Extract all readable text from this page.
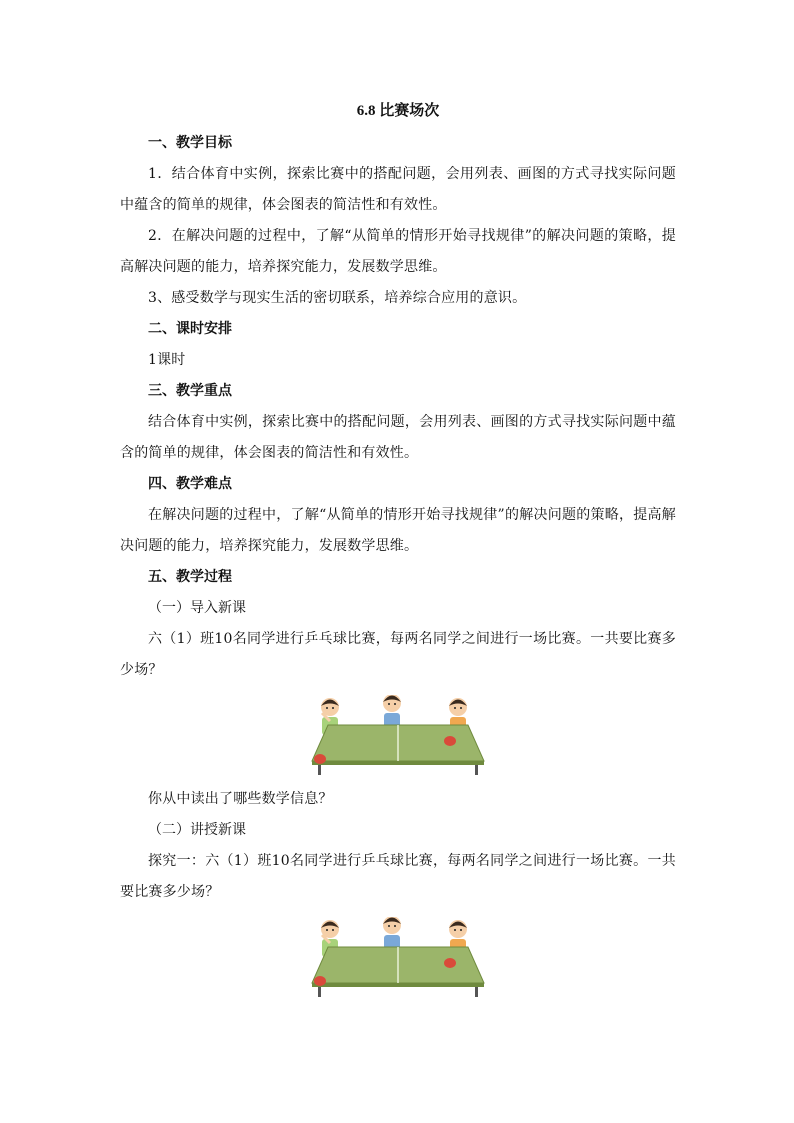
6.8 比赛场次
一、教学目标
1．结合体育中实例，探索比赛中的搭配问题，会用列表、画图的方式寻找实际问题中蕴含的简单的规律，体会图表的简洁性和有效性。
2．在解决问题的过程中，了解“从简单的情形开始寻找规律”的解决问题的策略，提高解决问题的能力，培养探究能力，发展数学思维。
3、感受数学与现实生活的密切联系，培养综合应用的意识。
二、课时安排
1课时
三、教学重点
结合体育中实例，探索比赛中的搭配问题，会用列表、画图的方式寻找实际问题中蕴含的简单的规律，体会图表的简洁性和有效性。
四、教学难点
在解决问题的过程中，了解“从简单的情形开始寻找规律”的解决问题的策略，提高解决问题的能力，培养探究能力，发展数学思维。
五、教学过程
（一）导入新课
六（1）班10名同学进行乒乓球比赛，每两名同学之间进行一场比赛。一共要比赛多少场？
你从中读出了哪些数学信息？
（二）讲授新课
探究一：六（1）班10名同学进行乒乓球比赛，每两名同学之间进行一场比赛。一共要比赛多少场？
